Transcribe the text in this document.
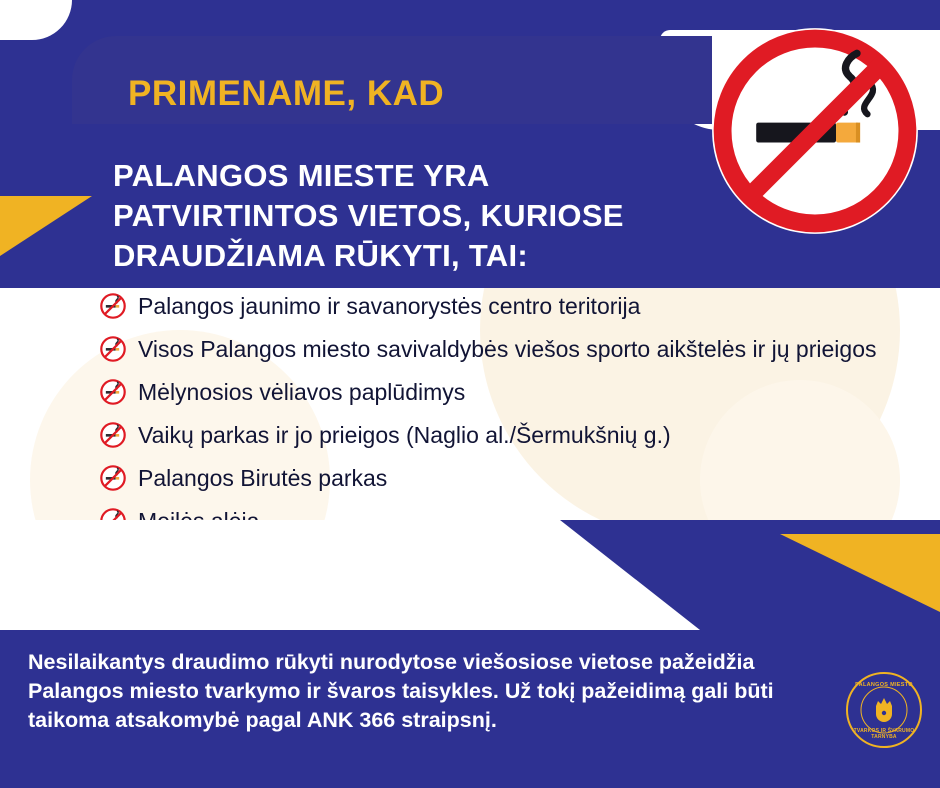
PRIMENAME, KAD
PALANGOS MIESTE YRA PATVIRTINTOS VIETOS, KURIOSE DRAUDŽIAMA RŪKYTI, TAI:
Palangos jaunimo ir savanorystės centro teritorija
Visos Palangos miesto savivaldybės viešos sporto aikštelės ir jų prieigos
Mėlynosios vėliavos paplūdimys
Vaikų parkas ir jo prieigos (Naglio al./Šermukšnių g.)
Palangos Birutės parkas
Nesilaikantys draudimo rūkyti nurodytose viešosiose vietose pažeidžia Palangos miesto tvarkymo ir švaros taisykles. Už tokį pažeidimą gali būti taikoma atsakomybė pagal ANK 366 straipsnį.
PALANGOS MIESTO
TVARKOS IR ŠVARUMO TARNYBA
